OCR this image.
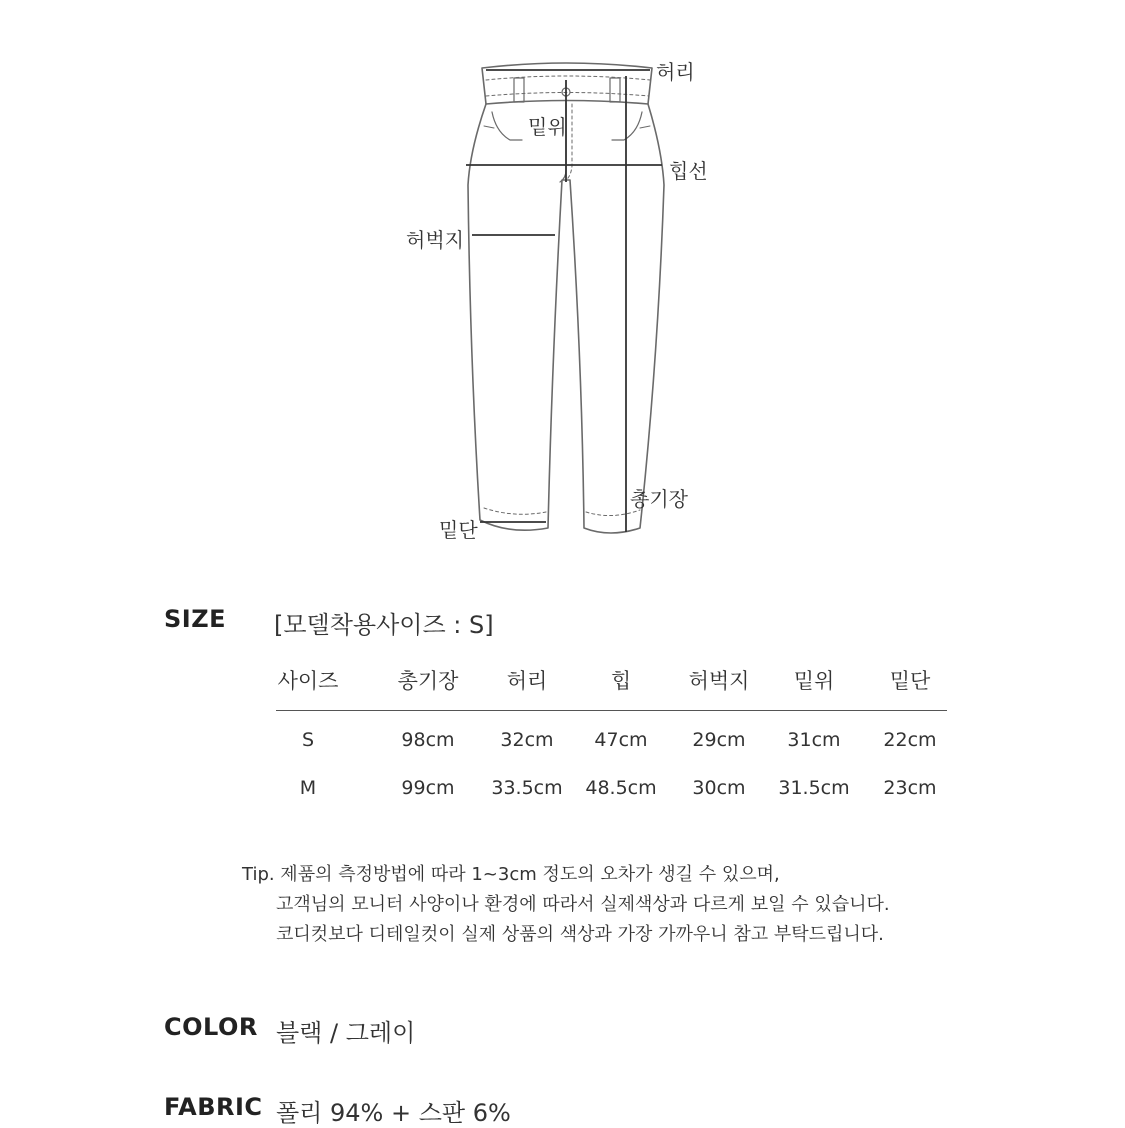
허리
밑위
힙선
허벅지
총기장
밑단
SIZE [모델착용사이즈 : S]
사이즈	총기장	허리	힙	허벅지	밑위	밑단
S	98cm	32cm	47cm	29cm	31cm	22cm
M	99cm	33.5cm	48.5cm	30cm	31.5cm	23cm
Tip. 제품의 측정방법에 따라 1~3cm 정도의 오차가 생길 수 있으며,
고객님의 모니터 사양이나 환경에 따라서 실제색상과 다르게 보일 수 있습니다.
코디컷보다 디테일컷이 실제 상품의 색상과 가장 가까우니 참고 부탁드립니다.
COLOR 블랙 / 그레이
FABRIC 폴리 94% + 스판 6%
